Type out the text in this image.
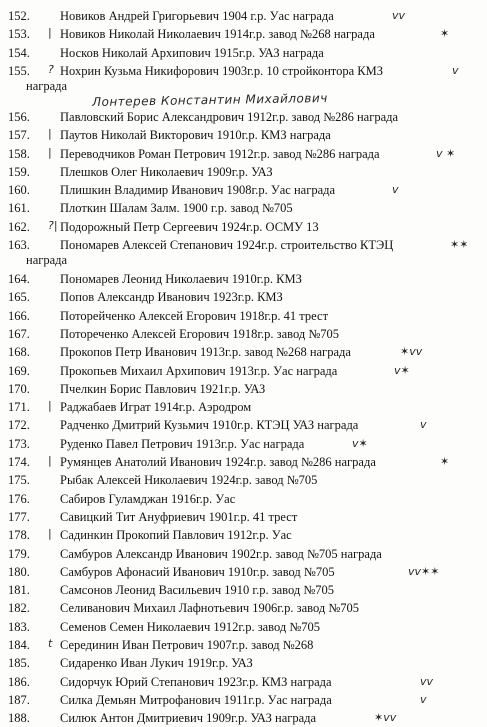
Лонтерев Константин Михайлович
152. Новиков Андрей Григорьевич 1904 г.р. Уас награда	vv
153. | Новиков Николай Николаевич 1914г.р. завод №268 награда	✶
154. Носков Николай Архипович 1915г.р. УАЗ награда
155. ? Нохрин Кузьма Никифорович 1903г.р. 10 стройконтора КМЗ	v
награда
156. Павловский Борис Александрович 1912г.р. завод №286 награда
157. | Паутов Николай Викторович 1910г.р. КМЗ награда
158. | Переводчиков Роман Петрович 1912г.р. завод №286 награда	v ✶
159. Плешков Олег Николаевич 1909г.р. УАЗ
160. Плишкин Владимир Иванович 1908г.р. Уас награда	v
161. Плоткин Шалам Залм. 1900 г.р. завод №705
162. ?| Подорожный Петр Сергеевич 1924г.р. ОСМУ 13
163. Пономарев Алексей Степанович 1924г.р. строительство КТЭЦ	✶✶
награда
164. Пономарев Леонид Николаевич 1910г.р. КМЗ
165. Попов Александр Иванович 1923г.р. КМЗ
166. Поторейченко Алексей Егорович 1918г.р. 41 трест
167. Потореченко Алексей Егорович 1918г.р. завод №705
168. Прокопов Петр Иванович 1913г.р. завод №268 награда	✶vv
169. Прокопьев Михаил Архипович 1913г.р. Уас награда	v✶
170. Пчелкин Борис Павлович 1921г.р. УАЗ
171. | Раджабаев Играт 1914г.р. Аэродром
172. Радченко Дмитрий Кузьмич 1910г.р. КТЭЦ УАЗ награда	v
173. Руденко Павел Петрович 1913г.р. Уас награда	v✶
174. | Румянцев Анатолий Иванович 1924г.р. завод №286 награда	✶
175. Рыбак Алексей Николаевич 1924г.р. завод №705
176. Сабиров Гуламджан 1916г.р. Уас
177. Савицкий Тит Ануфриевич 1901г.р. 41 трест
178. | Садинкин Прокопий Павлович 1912г.р. Уас
179. Самбуров Александр Иванович 1902г.р. завод №705 награда
180. Самбуров Афонасий Иванович 1910г.р. завод №705	vv✶✶
181. Самсонов Леонид Васильевич 1910 г.р. завод №705
182. Селиванович Михаил Лафнотьевич 1906г.р. завод №705
183. Семенов Семен Николаевич 1912г.р. завод №705
184. t Серединин Иван Петрович 1907г.р. завод №268
185. Сидаренко Иван Лукич 1919г.р. УАЗ
186. Сидорчук Юрий Степанович 1923г.р. КМЗ награда	vv
187. Силка Демьян Митрофанович 1911г.р. Уас награда	v
188. Силюк Антон Дмитриевич 1909г.р. УАЗ награда	✶vv
